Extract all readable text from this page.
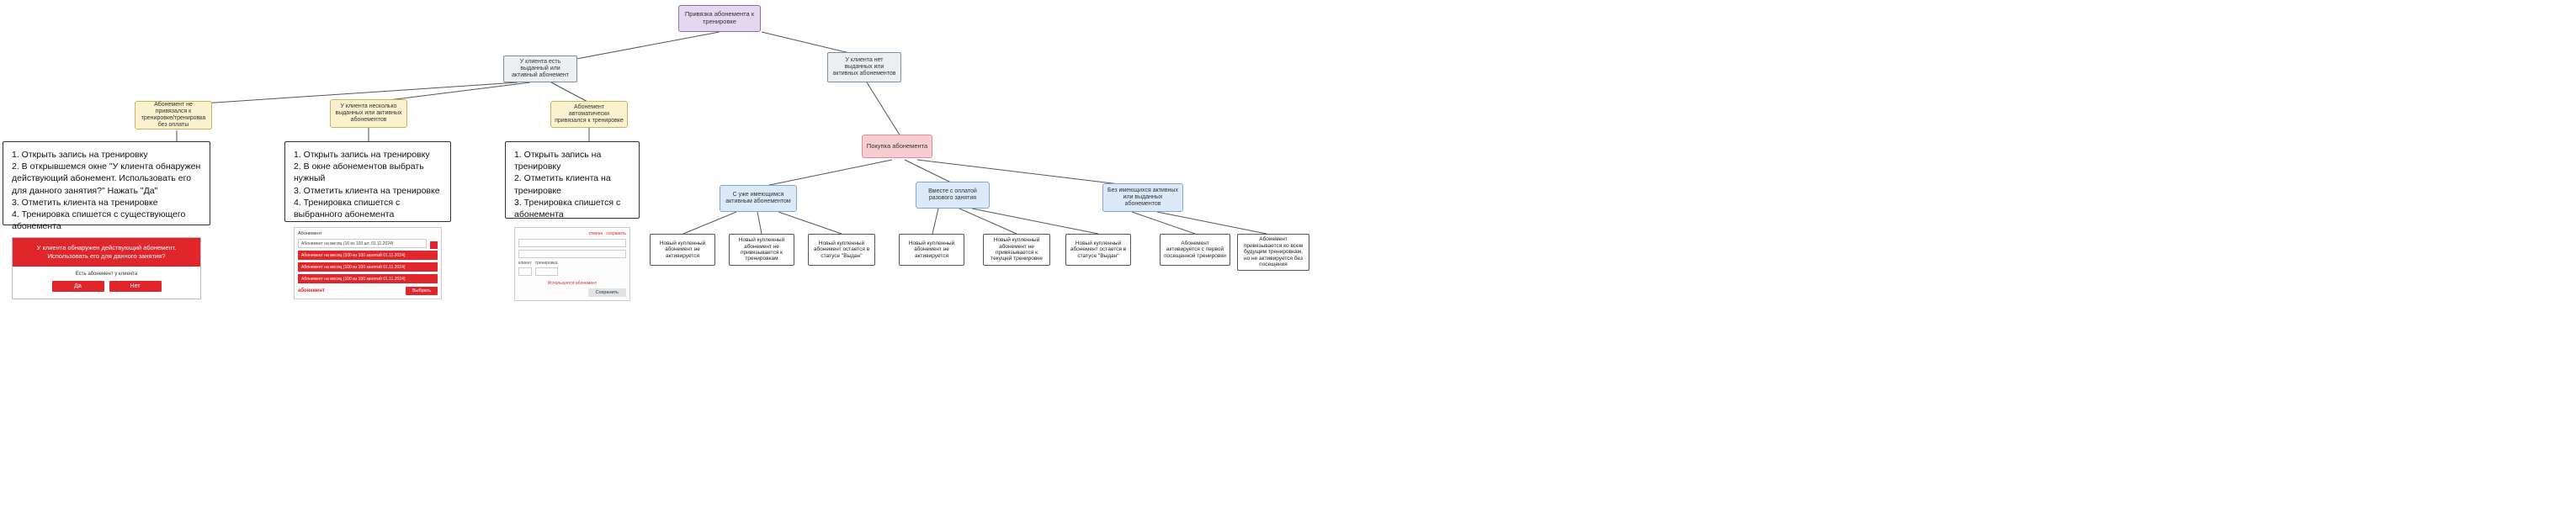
Привязка абонемента к тренировке
У клиента есть выданный или активный абонемент
У клиента нет выданных или активных абонементов
Абонемент не привязался к тренировке/тренировка без оплаты
У клиента несколько выданных или активных абонементов
Абонемент автоматически привязался к тренировке
Покупка абонемента
С уже имеющимся активным абонементом
Вместе с оплатой разового занятия
Без имеющихся активных или выданных абонементов
Новый купленный абонемент не активируется
Новый купленный абонемент не привязывается к тренировкам
Новый купленный абонемент остается в статусе "Выдан"
Новый купленный абонемент не активируется
Новый купленный абонемент не привязывается к текущей тренировке
Новый купленный абонемент остается в статусе "Выдан"
Абонемент активируется с первой посещенной тренировки
Абонемент привязывается ко всем будущим тренировкам, но не активируется без посещения
1. Открыть запись на тренировку
2. В открывшемся окне "У клиента обнаружен действующий абонемент. Использовать его для данного занятия?" Нажать "Да"
3. Отметить клиента на тренировке
4. Тренировка спишется с существующего абонемента
У клиента обнаружен действующий абонемент. Использовать его для данного занятия?
Есть абонемент у клиента
Да	Нет
1. Открыть запись на тренировку
2. В окне абонементов выбрать нужный
3. Отметить клиента на тренировке
4. Тренировка спишется с выбранного абонемента
Абонемент
Абонемент на месяц (16 из 100 шт. 01.11.2024)
Абонемент на месяц (100 из 100 занятий 01.11.2024)
Абонемент на месяц (100 из 100 занятий 01.11.2024)
Абонемент на месяц (100 из 100 занятий 01.11.2024)
абонемент	Выбрать
1. Открыть запись на тренировку
2. Отметить клиента на тренировке
3. Тренировка спишется с абонемента
отмена сохранить
клиент тренировка
Используется абонемент
Сохранить
